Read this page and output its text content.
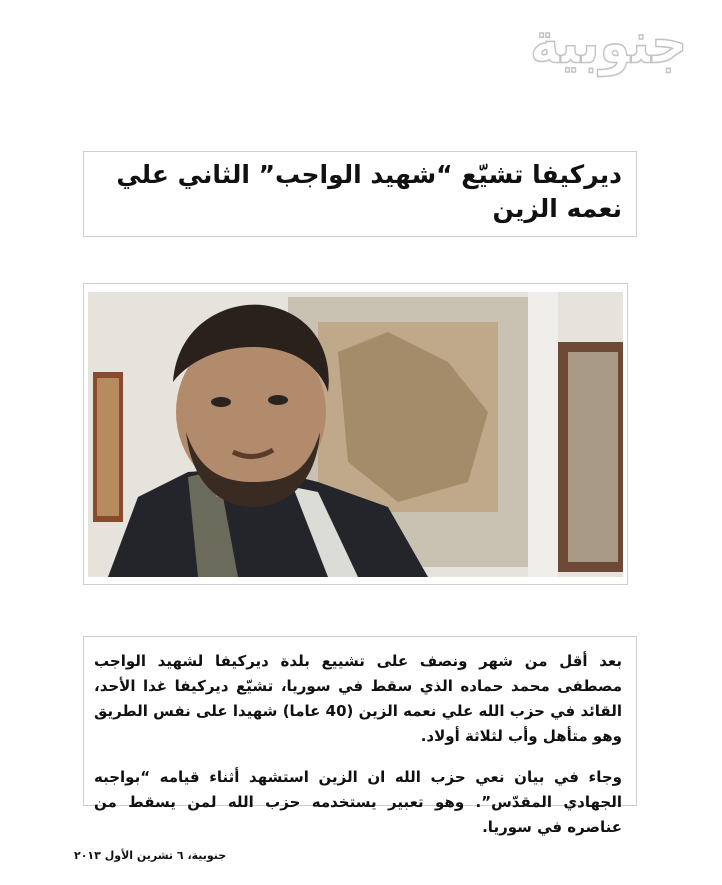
جنوبية
ديركيفا تشيّع “شهيد الواجب” الثاني علي نعمه الزين

بعد أقل من شهر ونصف على تشييع بلدة ديركيفا لشهيد الواجب مصطفى محمد حماده الذي سقط في سوريا، تشيّع ديركيفا غدا الأحد، القائد في حزب الله علي نعمه الزين (40 عاما) شهيدا على نفس الطريق وهو متأهل وأب لثلاثة أولاد.

وجاء في بيان نعي حزب الله ان الزين استشهد أثناء قيامه “بواجبه الجهادي المقدّس”. وهو تعبير يستخدمه حزب الله لمن يسقط من عناصره في سوريا.

جنوبية، ٦ تشرين الأول ٢٠١٣
